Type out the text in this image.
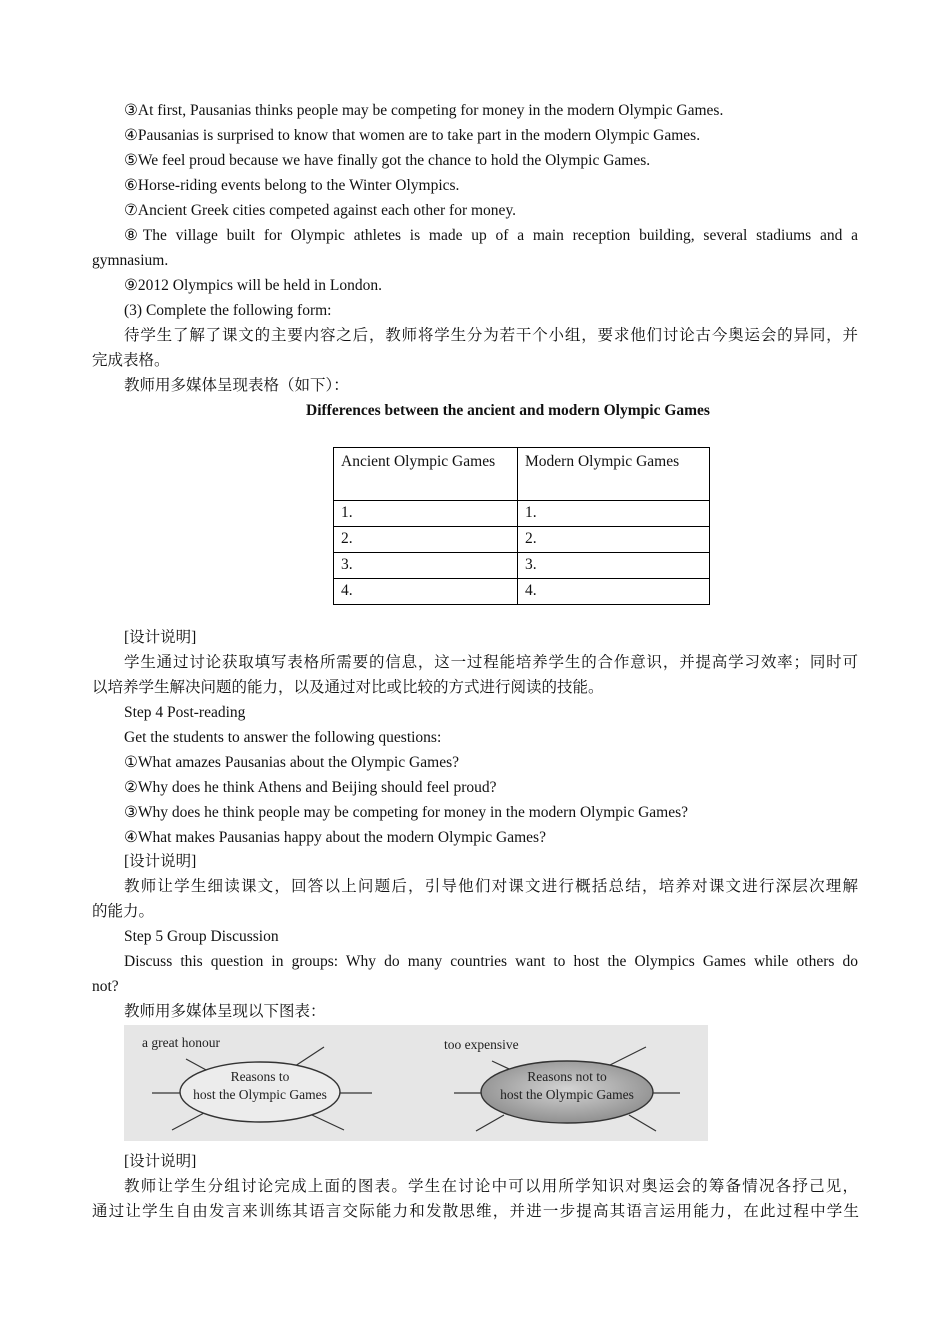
③At first, Pausanias thinks people may be competing for money in the modern Olympic Games.
④Pausanias is surprised to know that women are to take part in the modern Olympic Games.
⑤We feel proud because we have finally got the chance to hold the Olympic Games.
⑥Horse-riding events belong to the Winter Olympics.
⑦Ancient Greek cities competed against each other for money.
⑧The village built for Olympic athletes is made up of a main reception building, several stadiums and a
gymnasium.
⑨2012 Olympics will be held in London.
(3) Complete the following form:
待学生了解了课文的主要内容之后，教师将学生分为若干个小组，要求他们讨论古今奥运会的异同，并
完成表格。
教师用多媒体呈现表格（如下）：
Differences between the ancient and modern Olympic Games
Ancient Olympic Games	Modern Olympic Games
1.	1.
2.	2.
3.	3.
4.	4.
[设计说明]
学生通过讨论获取填写表格所需要的信息，这一过程能培养学生的合作意识，并提高学习效率；同时可
以培养学生解决问题的能力，以及通过对比或比较的方式进行阅读的技能。
Step 4 Post-reading
Get the students to answer the following questions:
①What amazes Pausanias about the Olympic Games?
②Why does he think Athens and Beijing should feel proud?
③Why does he think people may be competing for money in the modern Olympic Games?
④What makes Pausanias happy about the modern Olympic Games?
[设计说明]
教师让学生细读课文，回答以上问题后，引导他们对课文进行概括总结，培养对课文进行深层次理解
的能力。
Step 5 Group Discussion
Discuss this question in groups: Why do many countries want to host the Olympics Games while others do
not?
教师用多媒体呈现以下图表：
a great honour
Reasons to
host the Olympic Games
too expensive
Reasons not to
host the Olympic Games
[设计说明]
教师让学生分组讨论完成上面的图表。学生在讨论中可以用所学知识对奥运会的筹备情况各抒己见，
通过让学生自由发言来训练其语言交际能力和发散思维，并进一步提高其语言运用能力，在此过程中学生
